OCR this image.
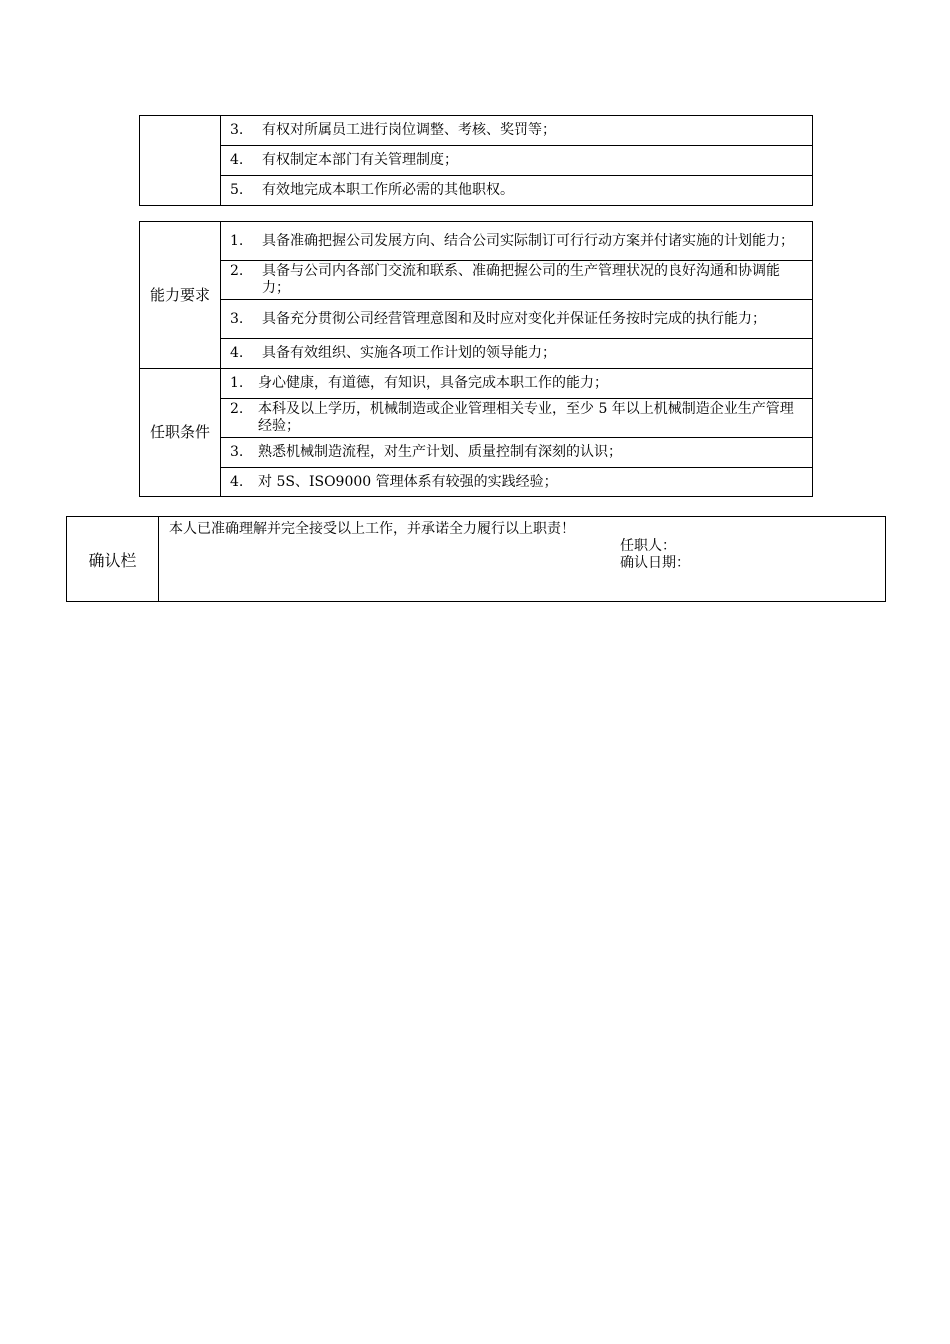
	3. 有权对所属员工进行岗位调整、考核、奖罚等；
4. 有权制定本部门有关管理制度；
5. 有效地完成本职工作所必需的其他职权。
能力要求	1. 具备准确把握公司发展方向、结合公司实际制订可行行动方案并付诸实施的计划能力；

	2. 具备与公司内各部门交流和联系、准确把握公司的生产管理状况的良好沟通和协调能力；

	3. 具备充分贯彻公司经营管理意图和及时应对变化并保证任务按时完成的执行能力；

	4. 具备有效组织、实施各项工作计划的领导能力；

任职条件	1. 身心健康，有道德，有知识，具备完成本职工作的能力；

	2. 本科及以上学历，机械制造或企业管理相关专业，至少 5 年以上机械制造企业生产管理经验；

	3. 熟悉机械制造流程，对生产计划、质量控制有深刻的认识；

	4. 对 5S、ISO9000 管理体系有较强的实践经验；
确认栏	
本人已准确理解并完全接受以上工作，并承诺全力履行以上职责！
任职人：
确认日期：
